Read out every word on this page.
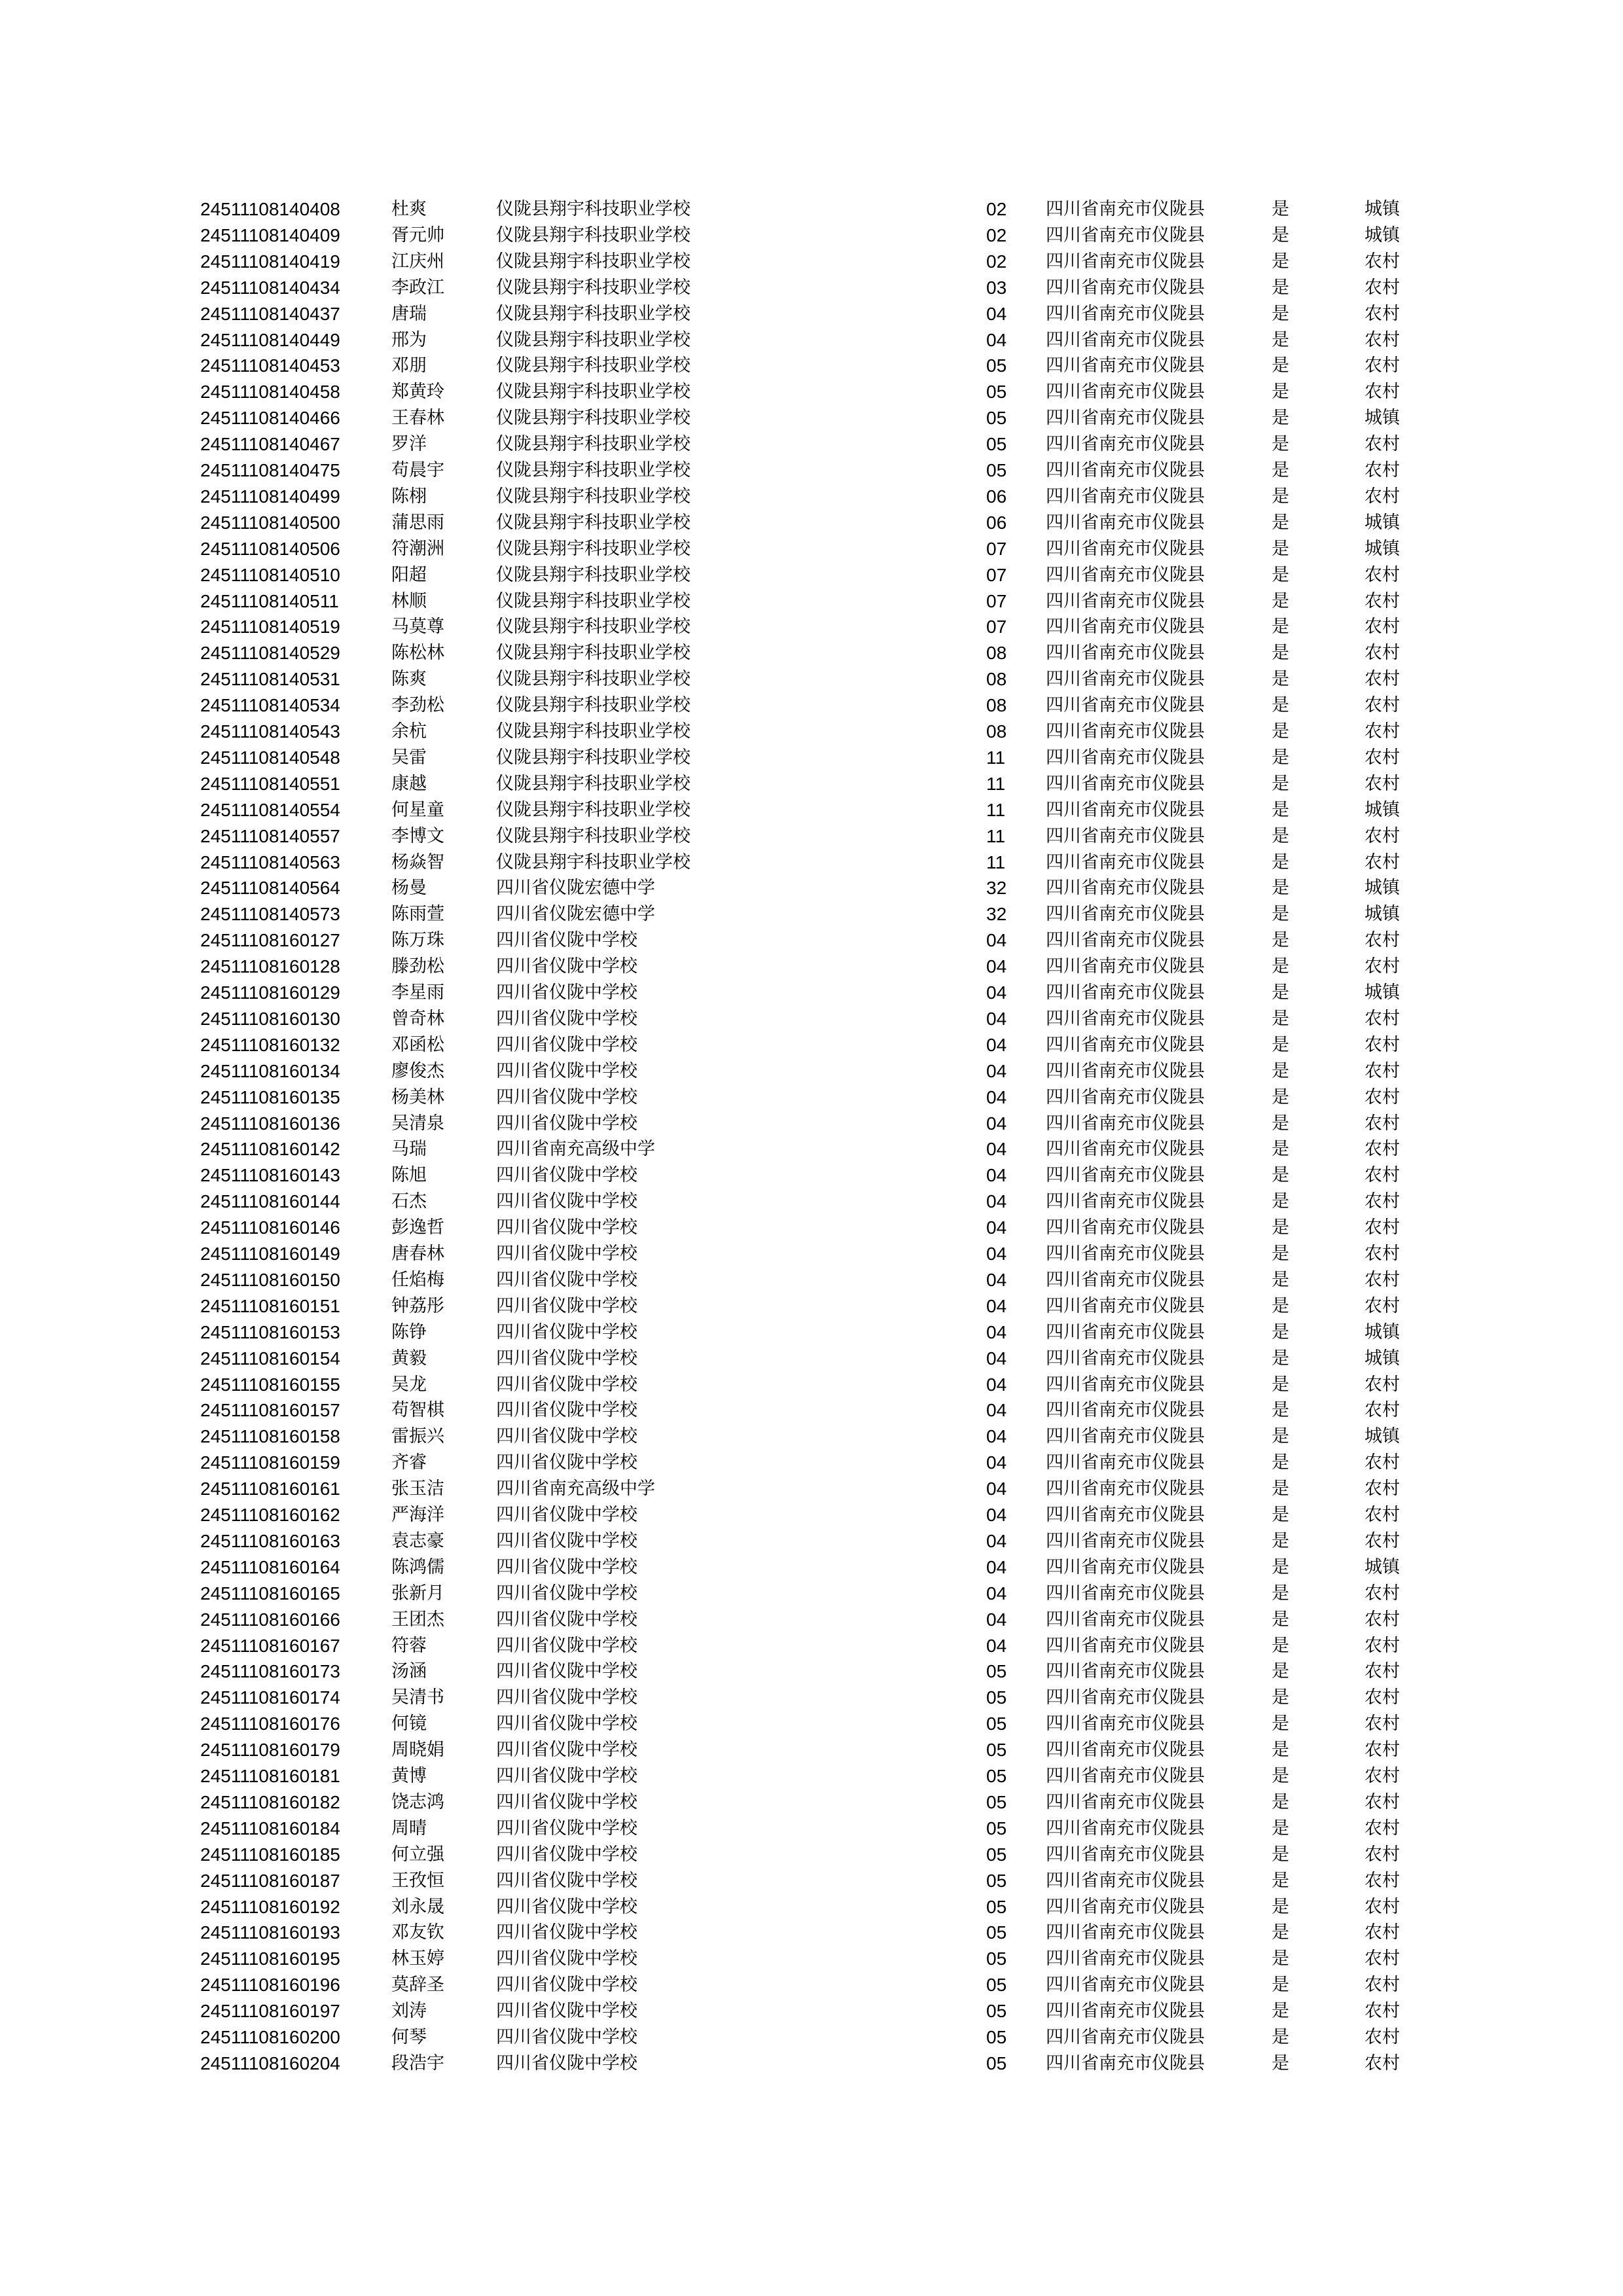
24511108140408	杜爽	仪陇县翔宇科技职业学校	02 四川省南充市仪陇县	是	城镇
24511108140409	胥元帅	仪陇县翔宇科技职业学校	02 四川省南充市仪陇县	是	城镇
24511108140419	江庆州	仪陇县翔宇科技职业学校	02 四川省南充市仪陇县	是	农村
24511108140434	李政江	仪陇县翔宇科技职业学校	03 四川省南充市仪陇县	是	农村
24511108140437	唐瑞	仪陇县翔宇科技职业学校	04 四川省南充市仪陇县	是	农村
24511108140449	邢为	仪陇县翔宇科技职业学校	04 四川省南充市仪陇县	是	农村
24511108140453	邓朋	仪陇县翔宇科技职业学校	05 四川省南充市仪陇县	是	农村
24511108140458	郑黄玲	仪陇县翔宇科技职业学校	05 四川省南充市仪陇县	是	农村
24511108140466	王春林	仪陇县翔宇科技职业学校	05 四川省南充市仪陇县	是	城镇
24511108140467	罗洋	仪陇县翔宇科技职业学校	05 四川省南充市仪陇县	是	农村
24511108140475	苟晨宇	仪陇县翔宇科技职业学校	05 四川省南充市仪陇县	是	农村
24511108140499	陈栩	仪陇县翔宇科技职业学校	06 四川省南充市仪陇县	是	农村
24511108140500	蒲思雨	仪陇县翔宇科技职业学校	06 四川省南充市仪陇县	是	城镇
24511108140506	符潮洲	仪陇县翔宇科技职业学校	07 四川省南充市仪陇县	是	城镇
24511108140510	阳超	仪陇县翔宇科技职业学校	07 四川省南充市仪陇县	是	农村
24511108140511	林顺	仪陇县翔宇科技职业学校	07 四川省南充市仪陇县	是	农村
24511108140519	马莫尊	仪陇县翔宇科技职业学校	07 四川省南充市仪陇县	是	农村
24511108140529	陈松林	仪陇县翔宇科技职业学校	08 四川省南充市仪陇县	是	农村
24511108140531	陈爽	仪陇县翔宇科技职业学校	08 四川省南充市仪陇县	是	农村
24511108140534	李劲松	仪陇县翔宇科技职业学校	08 四川省南充市仪陇县	是	农村
24511108140543	余杭	仪陇县翔宇科技职业学校	08 四川省南充市仪陇县	是	农村
24511108140548	吴雷	仪陇县翔宇科技职业学校	11 四川省南充市仪陇县	是	农村
24511108140551	康越	仪陇县翔宇科技职业学校	11 四川省南充市仪陇县	是	农村
24511108140554	何星童	仪陇县翔宇科技职业学校	11 四川省南充市仪陇县	是	城镇
24511108140557	李博文	仪陇县翔宇科技职业学校	11 四川省南充市仪陇县	是	农村
24511108140563	杨焱智	仪陇县翔宇科技职业学校	11 四川省南充市仪陇县	是	农村
24511108140564	杨曼	四川省仪陇宏德中学	32 四川省南充市仪陇县	是	城镇
24511108140573	陈雨萱	四川省仪陇宏德中学	32 四川省南充市仪陇县	是	城镇
24511108160127	陈万珠	四川省仪陇中学校	04 四川省南充市仪陇县	是	农村
24511108160128	滕劲松	四川省仪陇中学校	04 四川省南充市仪陇县	是	农村
24511108160129	李星雨	四川省仪陇中学校	04 四川省南充市仪陇县	是	城镇
24511108160130	曾奇林	四川省仪陇中学校	04 四川省南充市仪陇县	是	农村
24511108160132	邓函松	四川省仪陇中学校	04 四川省南充市仪陇县	是	农村
24511108160134	廖俊杰	四川省仪陇中学校	04 四川省南充市仪陇县	是	农村
24511108160135	杨美林	四川省仪陇中学校	04 四川省南充市仪陇县	是	农村
24511108160136	吴清泉	四川省仪陇中学校	04 四川省南充市仪陇县	是	农村
24511108160142	马瑞	四川省南充高级中学	04 四川省南充市仪陇县	是	农村
24511108160143	陈旭	四川省仪陇中学校	04 四川省南充市仪陇县	是	农村
24511108160144	石杰	四川省仪陇中学校	04 四川省南充市仪陇县	是	农村
24511108160146	彭逸哲	四川省仪陇中学校	04 四川省南充市仪陇县	是	农村
24511108160149	唐春林	四川省仪陇中学校	04 四川省南充市仪陇县	是	农村
24511108160150	任焰梅	四川省仪陇中学校	04 四川省南充市仪陇县	是	农村
24511108160151	钟荔彤	四川省仪陇中学校	04 四川省南充市仪陇县	是	农村
24511108160153	陈铮	四川省仪陇中学校	04 四川省南充市仪陇县	是	城镇
24511108160154	黄毅	四川省仪陇中学校	04 四川省南充市仪陇县	是	城镇
24511108160155	吴龙	四川省仪陇中学校	04 四川省南充市仪陇县	是	农村
24511108160157	苟智棋	四川省仪陇中学校	04 四川省南充市仪陇县	是	农村
24511108160158	雷振兴	四川省仪陇中学校	04 四川省南充市仪陇县	是	城镇
24511108160159	齐睿	四川省仪陇中学校	04 四川省南充市仪陇县	是	农村
24511108160161	张玉洁	四川省南充高级中学	04 四川省南充市仪陇县	是	农村
24511108160162	严海洋	四川省仪陇中学校	04 四川省南充市仪陇县	是	农村
24511108160163	袁志豪	四川省仪陇中学校	04 四川省南充市仪陇县	是	农村
24511108160164	陈鸿儒	四川省仪陇中学校	04 四川省南充市仪陇县	是	城镇
24511108160165	张新月	四川省仪陇中学校	04 四川省南充市仪陇县	是	农村
24511108160166	王团杰	四川省仪陇中学校	04 四川省南充市仪陇县	是	农村
24511108160167	符蓉	四川省仪陇中学校	04 四川省南充市仪陇县	是	农村
24511108160173	汤涵	四川省仪陇中学校	05 四川省南充市仪陇县	是	农村
24511108160174	吴清书	四川省仪陇中学校	05 四川省南充市仪陇县	是	农村
24511108160176	何镜	四川省仪陇中学校	05 四川省南充市仪陇县	是	农村
24511108160179	周晓娟	四川省仪陇中学校	05 四川省南充市仪陇县	是	农村
24511108160181	黄博	四川省仪陇中学校	05 四川省南充市仪陇县	是	农村
24511108160182	饶志鸿	四川省仪陇中学校	05 四川省南充市仪陇县	是	农村
24511108160184	周晴	四川省仪陇中学校	05 四川省南充市仪陇县	是	农村
24511108160185	何立强	四川省仪陇中学校	05 四川省南充市仪陇县	是	农村
24511108160187	王孜恒	四川省仪陇中学校	05 四川省南充市仪陇县	是	农村
24511108160192	刘永晟	四川省仪陇中学校	05 四川省南充市仪陇县	是	农村
24511108160193	邓友钦	四川省仪陇中学校	05 四川省南充市仪陇县	是	农村
24511108160195	林玉婷	四川省仪陇中学校	05 四川省南充市仪陇县	是	农村
24511108160196	莫辞圣	四川省仪陇中学校	05 四川省南充市仪陇县	是	农村
24511108160197	刘涛	四川省仪陇中学校	05 四川省南充市仪陇县	是	农村
24511108160200	何琴	四川省仪陇中学校	05 四川省南充市仪陇县	是	农村
24511108160204	段浩宇	四川省仪陇中学校	05 四川省南充市仪陇县	是	农村
